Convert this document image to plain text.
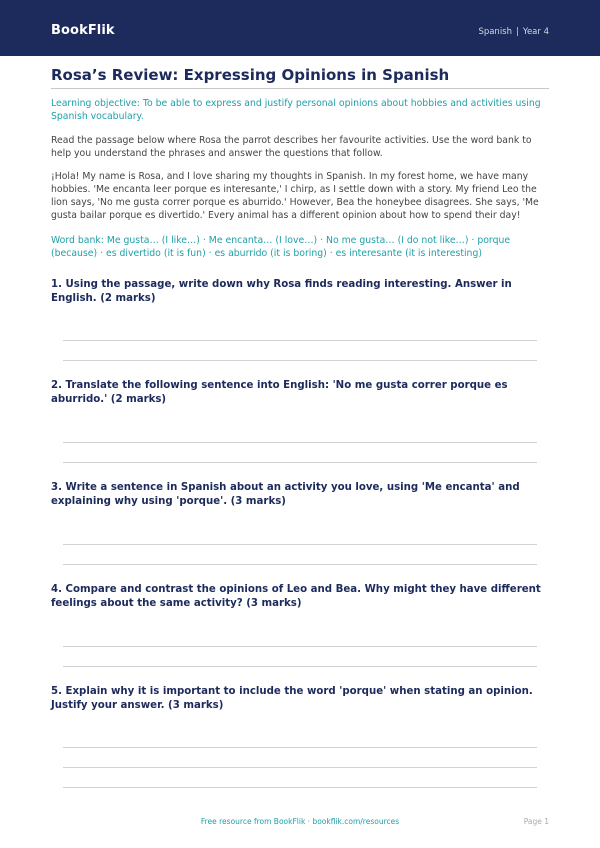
BookFlik	Spanish | Year 4
Rosa’s Review: Expressing Opinions in Spanish
Learning objective: To be able to express and justify personal opinions about hobbies and activities using Spanish vocabulary.
Read the passage below where Rosa the parrot describes her favourite activities. Use the word bank to help you understand the phrases and answer the questions that follow.
¡Hola! My name is Rosa, and I love sharing my thoughts in Spanish. In my forest home, we have many hobbies. 'Me encanta leer porque es interesante,' I chirp, as I settle down with a story. My friend Leo the lion says, 'No me gusta correr porque es aburrido.' However, Bea the honeybee disagrees. She says, 'Me gusta bailar porque es divertido.' Every animal has a different opinion about how to spend their day!
Word bank: Me gusta… (I like…) · Me encanta… (I love…) · No me gusta… (I do not like…) · porque (because) · es divertido (it is fun) · es aburrido (it is boring) · es interesante (it is interesting)
1. Using the passage, write down why Rosa finds reading interesting. Answer in English. (2 marks)
2. Translate the following sentence into English: 'No me gusta correr porque es aburrido.' (2 marks)
3. Write a sentence in Spanish about an activity you love, using 'Me encanta' and explaining why using 'porque'. (3 marks)
4. Compare and contrast the opinions of Leo and Bea. Why might they have different feelings about the same activity? (3 marks)
5. Explain why it is important to include the word 'porque' when stating an opinion. Justify your answer. (3 marks)
Free resource from BookFlik · bookflik.com/resources	Page 1
